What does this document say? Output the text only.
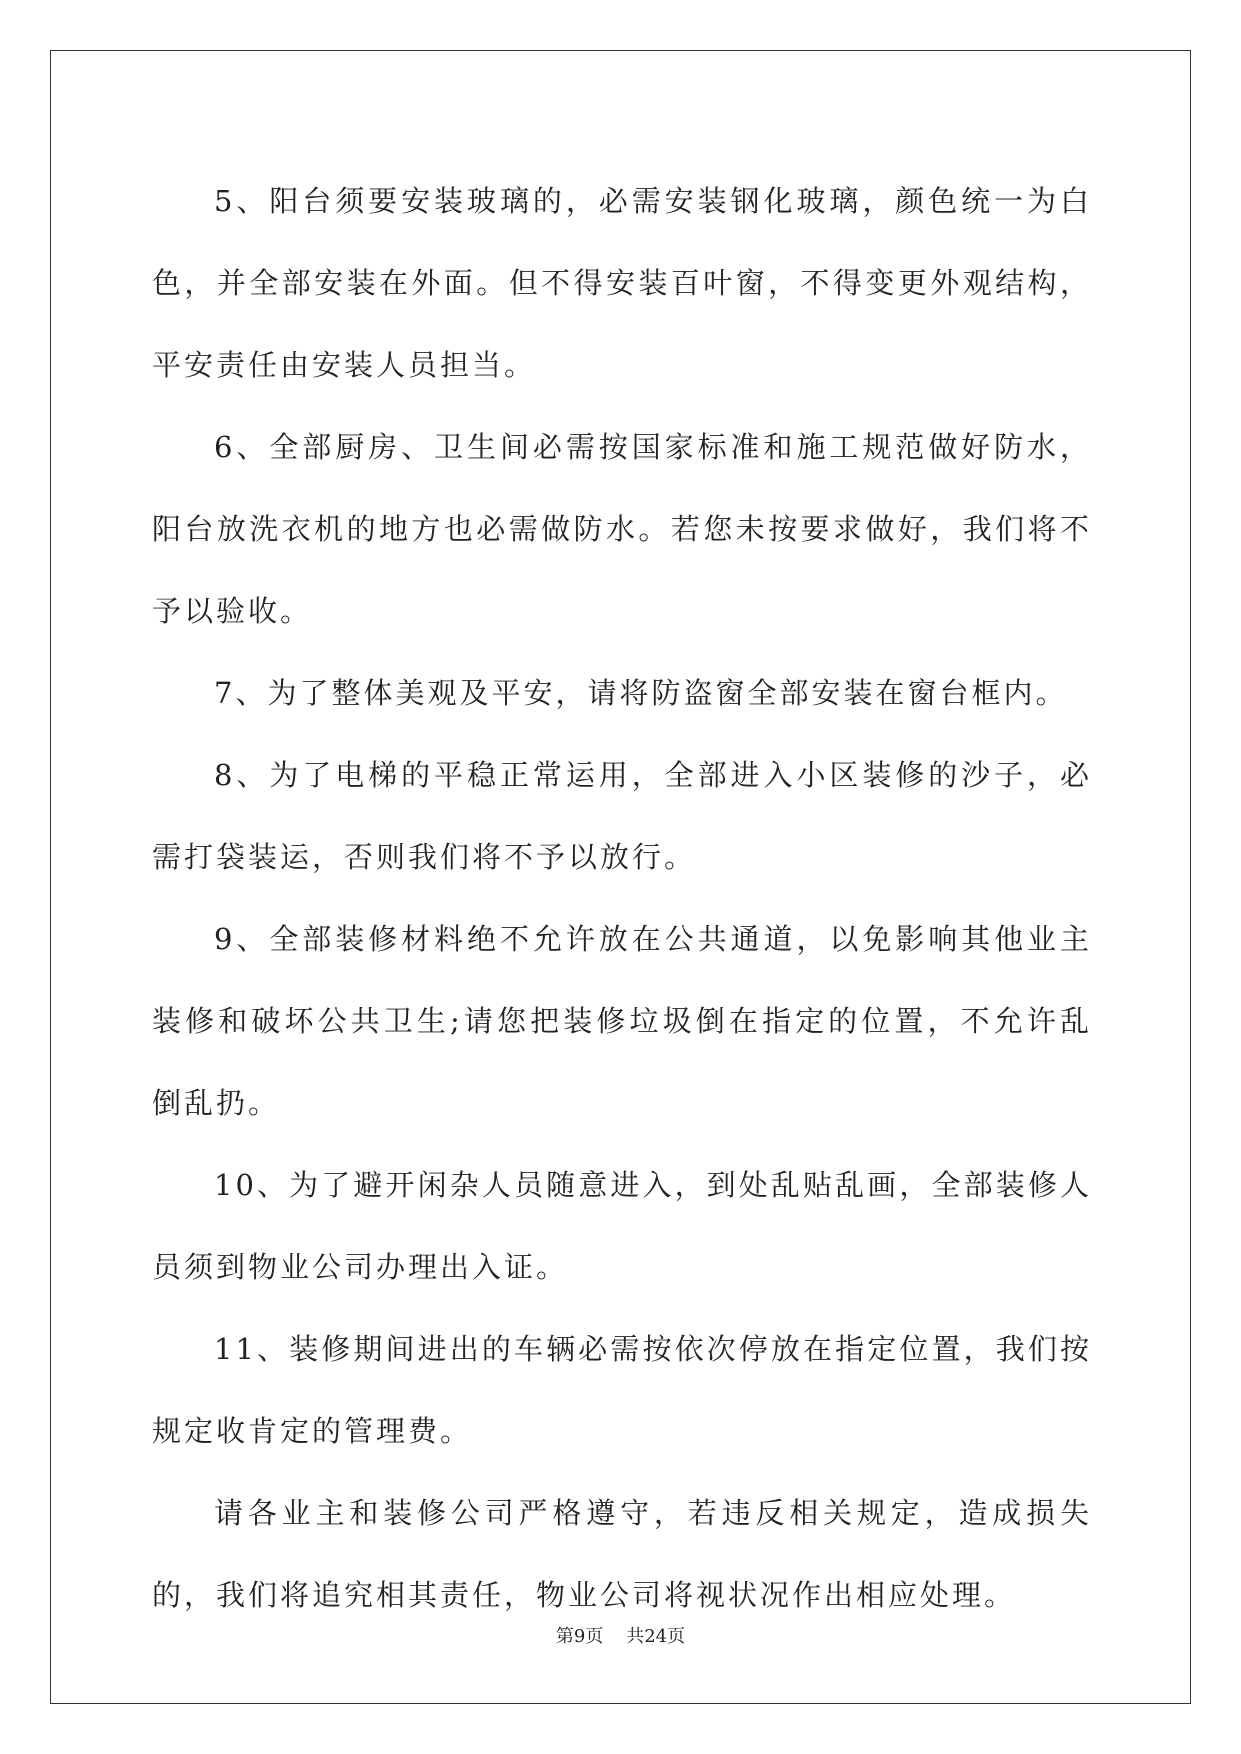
5、阳台须要安装玻璃的，必需安装钢化玻璃，颜色统一为白色，并全部安装在外面。但不得安装百叶窗，不得变更外观结构，平安责任由安装人员担当。

6、全部厨房、卫生间必需按国家标准和施工规范做好防水，阳台放洗衣机的地方也必需做防水。若您未按要求做好，我们将不予以验收。

7、为了整体美观及平安，请将防盗窗全部安装在窗台框内。

8、为了电梯的平稳正常运用，全部进入小区装修的沙子，必需打袋装运，否则我们将不予以放行。

9、全部装修材料绝不允许放在公共通道，以免影响其他业主装修和破坏公共卫生;请您把装修垃圾倒在指定的位置，不允许乱倒乱扔。

10、为了避开闲杂人员随意进入，到处乱贴乱画，全部装修人员须到物业公司办理出入证。

11、装修期间进出的车辆必需按依次停放在指定位置，我们按规定收肯定的管理费。

请各业主和装修公司严格遵守，若违反相关规定，造成损失的，我们将追究相其责任，物业公司将视状况作出相应处理。

第9页    共24页
